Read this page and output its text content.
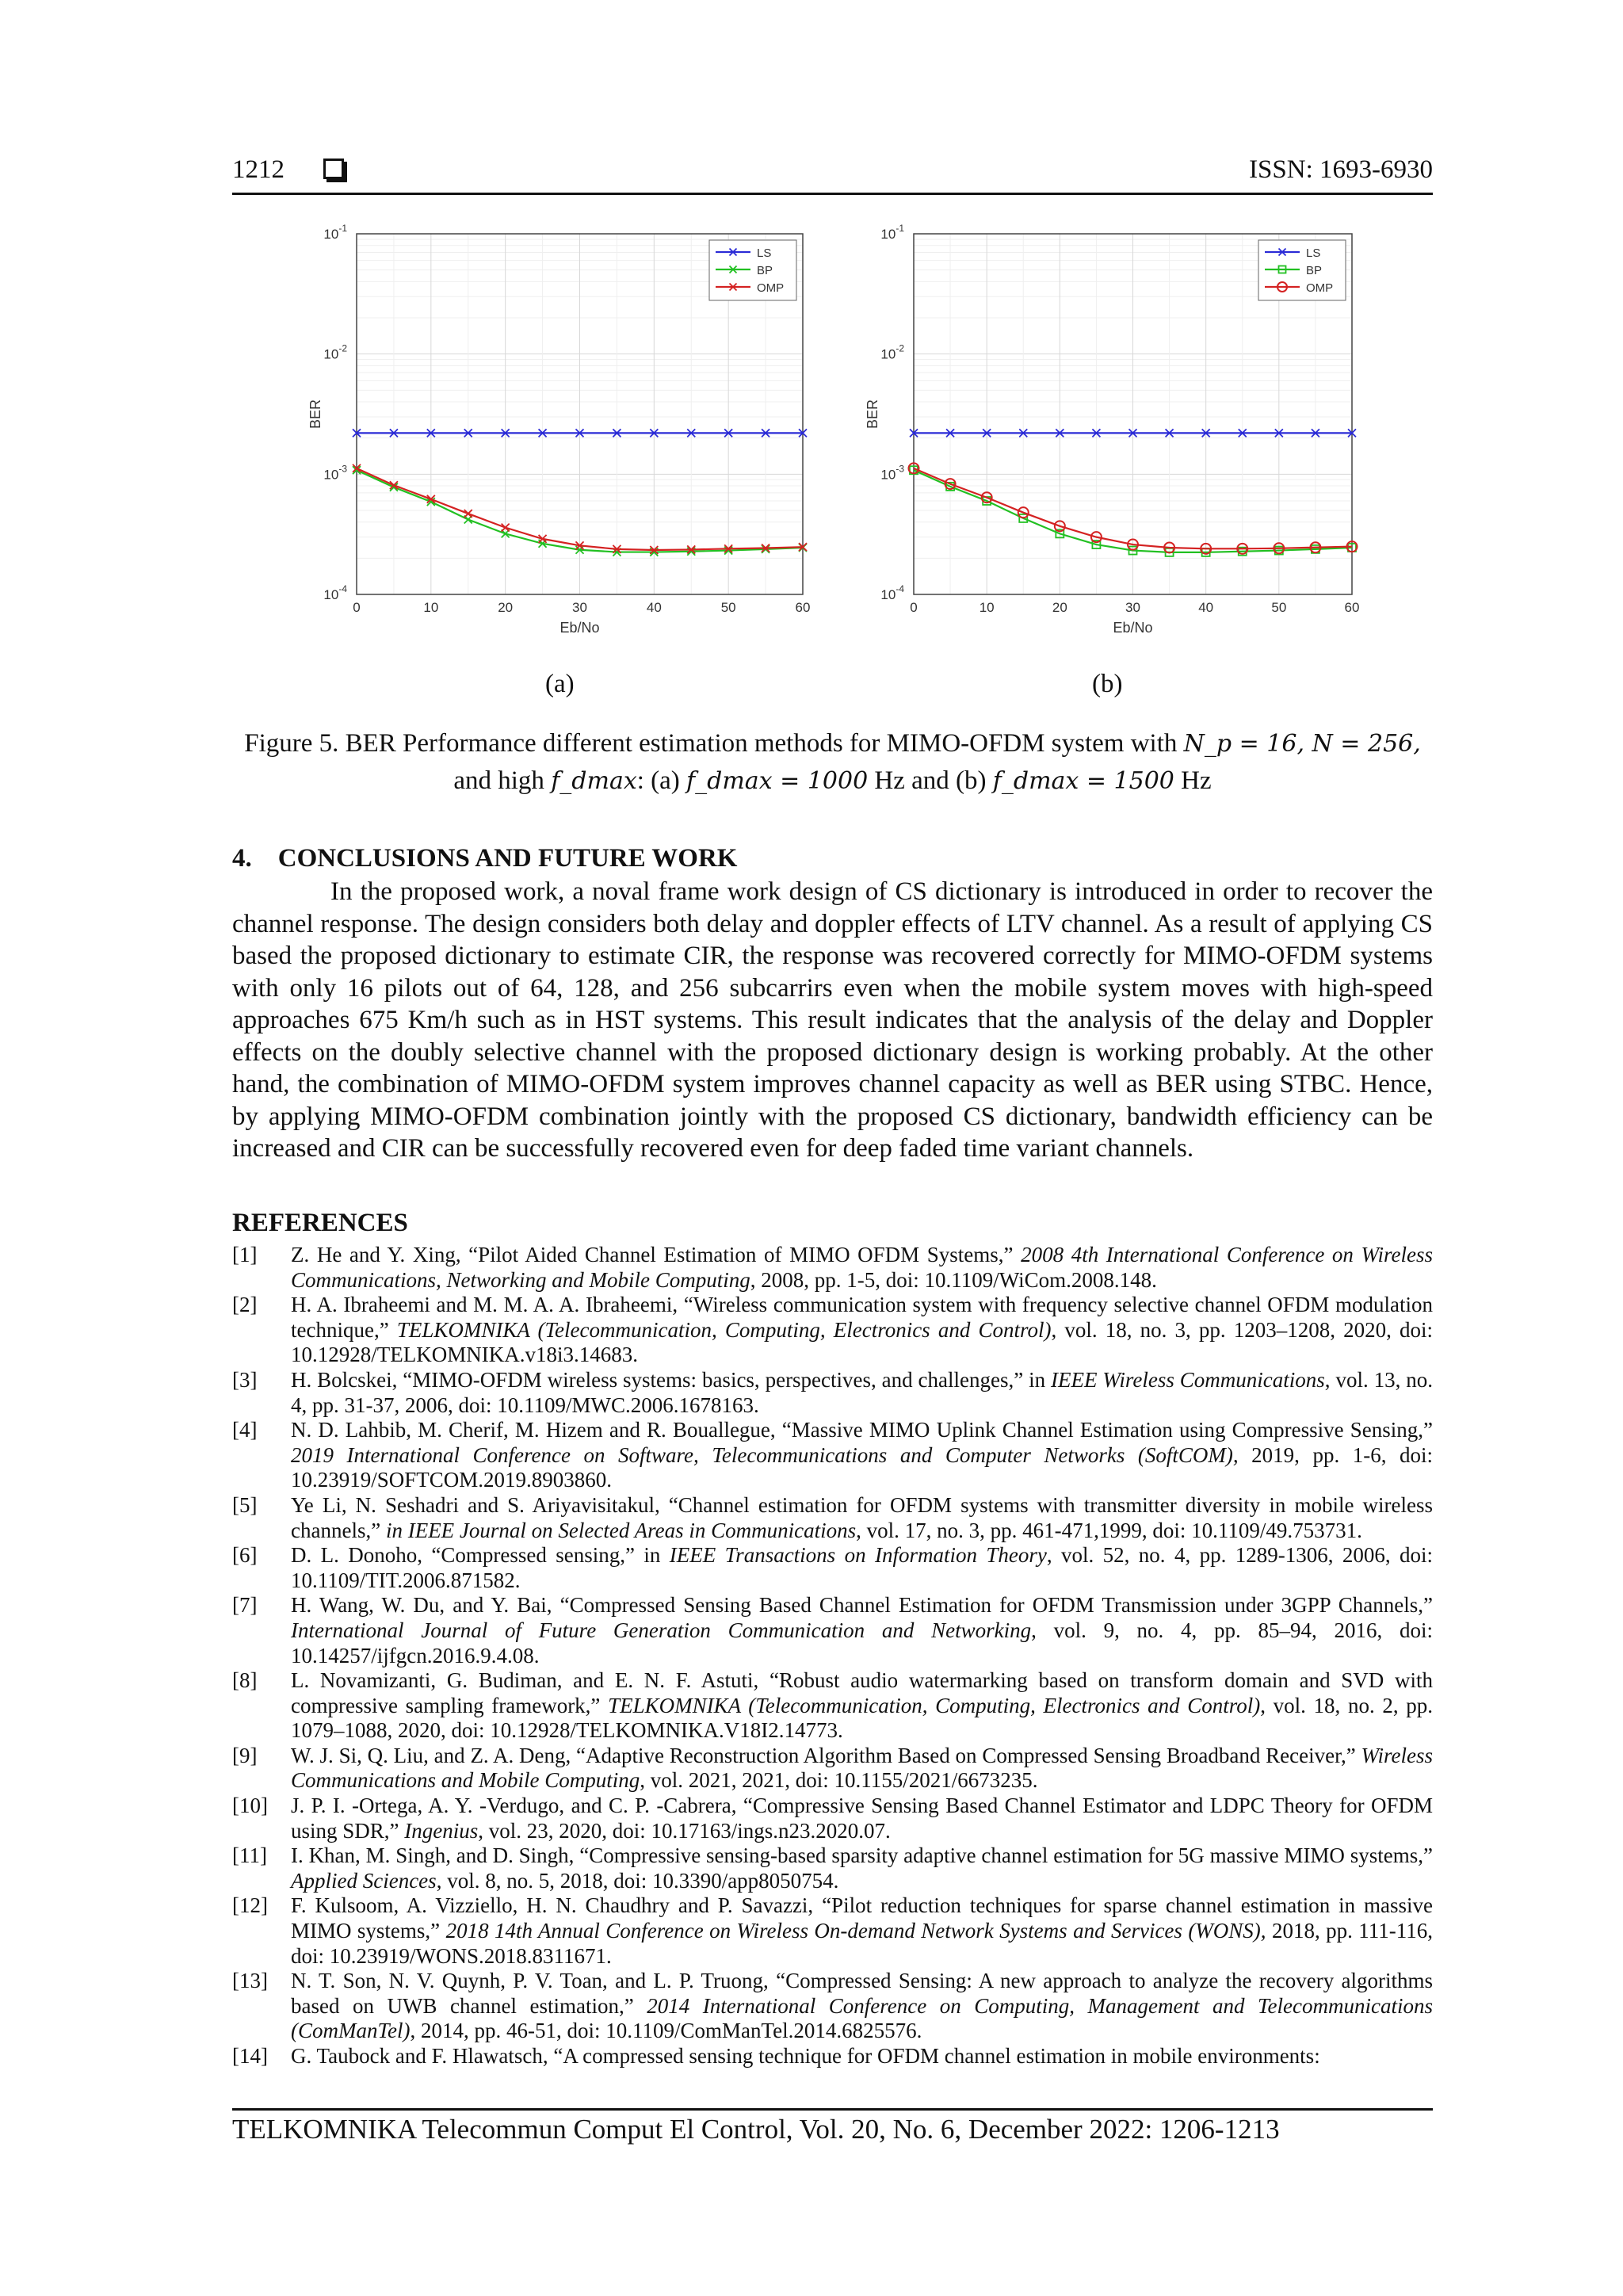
1212	ISSN: 1693-6930
0	10	20	30	40	50	60
$10^{-4}$
$10^{-3}$
$10^{-2}$
$10^{-1}$
Eb/No
BER
LS
BP
OMP
0	10	20	30	40	50	60
$10^{-4}$
$10^{-3}$
$10^{-2}$
$10^{-1}$
Eb/No
BER
LS
BP
OMP
(a)	(b)
Figure 5. BER Performance different estimation methods for MIMO-OFDM system with N_p = 16, N = 256,
and high f_dmax: (a) f_dmax = 1000 Hz and (b) f_dmax = 1500 Hz
4.    CONCLUSIONS AND FUTURE WORK
In the proposed work, a noval frame work design of CS dictionary is introduced in order to recover the channel response. The design considers both delay and doppler effects of LTV channel. As a result of applying CS based the proposed dictionary to estimate CIR, the response was recovered correctly for MIMO-OFDM systems with only 16 pilots out of 64, 128, and 256 subcarrirs even when the mobile system moves with high-speed approaches 675 Km/h such as in HST systems. This result indicates that the analysis of the delay and Doppler effects on the doubly selective channel with the proposed dictionary design is working probably. At the other hand, the combination of MIMO-OFDM system improves channel capacity as well as BER using STBC. Hence, by applying MIMO-OFDM combination jointly with the proposed CS dictionary, bandwidth efficiency can be increased and CIR can be successfully recovered even for deep faded time variant channels.
REFERENCES
[1]	Z. He and Y. Xing, “Pilot Aided Channel Estimation of MIMO OFDM Systems,” 2008 4th International Conference on Wireless Communications, Networking and Mobile Computing, 2008, pp. 1-5, doi: 10.1109/WiCom.2008.148.
[2]	H. A. Ibraheemi and M. M. A. A. Ibraheemi, “Wireless communication system with frequency selective channel OFDM modulation technique,” TELKOMNIKA (Telecommunication, Computing, Electronics and Control), vol. 18, no. 3, pp. 1203–1208, 2020, doi: 10.12928/TELKOMNIKA.v18i3.14683.
[3]	H. Bolcskei, “MIMO-OFDM wireless systems: basics, perspectives, and challenges,” in IEEE Wireless Communications, vol. 13, no. 4, pp. 31-37, 2006, doi: 10.1109/MWC.2006.1678163.
[4]	N. D. Lahbib, M. Cherif, M. Hizem and R. Bouallegue, “Massive MIMO Uplink Channel Estimation using Compressive Sensing,” 2019 International Conference on Software, Telecommunications and Computer Networks (SoftCOM), 2019, pp. 1-6, doi: 10.23919/SOFTCOM.2019.8903860.
[5]	Ye Li, N. Seshadri and S. Ariyavisitakul, “Channel estimation for OFDM systems with transmitter diversity in mobile wireless channels,” in IEEE Journal on Selected Areas in Communications, vol. 17, no. 3, pp. 461-471,1999, doi: 10.1109/49.753731.
[6]	D. L. Donoho, “Compressed sensing,” in IEEE Transactions on Information Theory, vol. 52, no. 4, pp. 1289-1306, 2006, doi: 10.1109/TIT.2006.871582.
[7]	H. Wang, W. Du, and Y. Bai, “Compressed Sensing Based Channel Estimation for OFDM Transmission under 3GPP Channels,” International Journal of Future Generation Communication and Networking, vol. 9, no. 4, pp. 85–94, 2016, doi: 10.14257/ijfgcn.2016.9.4.08.
[8]	L. Novamizanti, G. Budiman, and E. N. F. Astuti, “Robust audio watermarking based on transform domain and SVD with compressive sampling framework,” TELKOMNIKA (Telecommunication, Computing, Electronics and Control), vol. 18, no. 2, pp. 1079–1088, 2020, doi: 10.12928/TELKOMNIKA.V18I2.14773.
[9]	W. J. Si, Q. Liu, and Z. A. Deng, “Adaptive Reconstruction Algorithm Based on Compressed Sensing Broadband Receiver,” Wireless Communications and Mobile Computing, vol. 2021, 2021, doi: 10.1155/2021/6673235.
[10]	J. P. I. -Ortega, A. Y. -Verdugo, and C. P. -Cabrera, “Compressive Sensing Based Channel Estimator and LDPC Theory for OFDM using SDR,” Ingenius, vol. 23, 2020, doi: 10.17163/ings.n23.2020.07.
[11]	I. Khan, M. Singh, and D. Singh, “Compressive sensing-based sparsity adaptive channel estimation for 5G massive MIMO systems,” Applied Sciences, vol. 8, no. 5, 2018, doi: 10.3390/app8050754.
[12]	F. Kulsoom, A. Vizziello, H. N. Chaudhry and P. Savazzi, “Pilot reduction techniques for sparse channel estimation in massive MIMO systems,” 2018 14th Annual Conference on Wireless On-demand Network Systems and Services (WONS), 2018, pp. 111-116, doi: 10.23919/WONS.2018.8311671.
[13]	N. T. Son, N. V. Quynh, P. V. Toan, and L. P. Truong, “Compressed Sensing: A new approach to analyze the recovery algorithms based on UWB channel estimation,” 2014 International Conference on Computing, Management and Telecommunications (ComManTel), 2014, pp. 46-51, doi: 10.1109/ComManTel.2014.6825576.
[14]	G. Taubock and F. Hlawatsch, “A compressed sensing technique for OFDM channel estimation in mobile environments:
TELKOMNIKA Telecommun Comput El Control, Vol. 20, No. 6, December 2022: 1206-1213
